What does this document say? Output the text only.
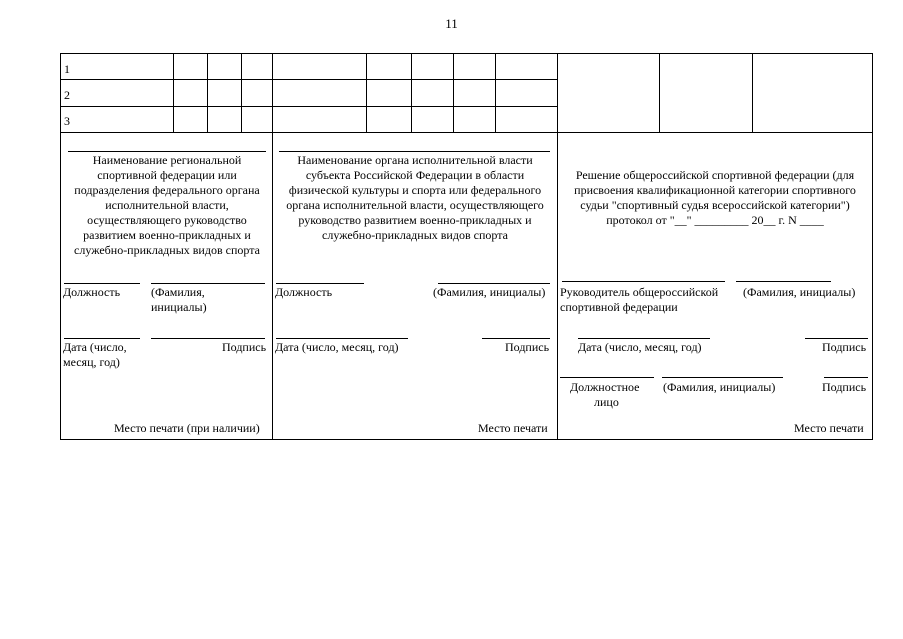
11
1
2
3
Наименование региональной спортивной федерации или подразделения федерального органа исполнительной власти, осуществляющего руководство развитием военно-прикладных и служебно-прикладных видов спорта
Должность	(Фамилия,
инициалы)
Дата (число,
месяц, год)
Подпись
Место печати (при наличии)
Наименование органа исполнительной власти субъекта Российской Федерации в области физической культуры и спорта или федерального органа исполнительной власти, осуществляющего руководство развитием военно-прикладных и служебно-прикладных видов спорта
Должность	(Фамилия, инициалы)
Дата (число, месяц, год)	Подпись
Место печати
Решение общероссийской спортивной федерации (для присвоения квалификационной категории спортивного судьи "спортивный судья всероссийской категории") протокол от "__" _________ 20__ г. N ____
Руководитель общероссийской
спортивной федерации
(Фамилия, инициалы)
Дата (число, месяц, год)	Подпись
Должностное
лицо
(Фамилия, инициалы)	Подпись
Место печати
